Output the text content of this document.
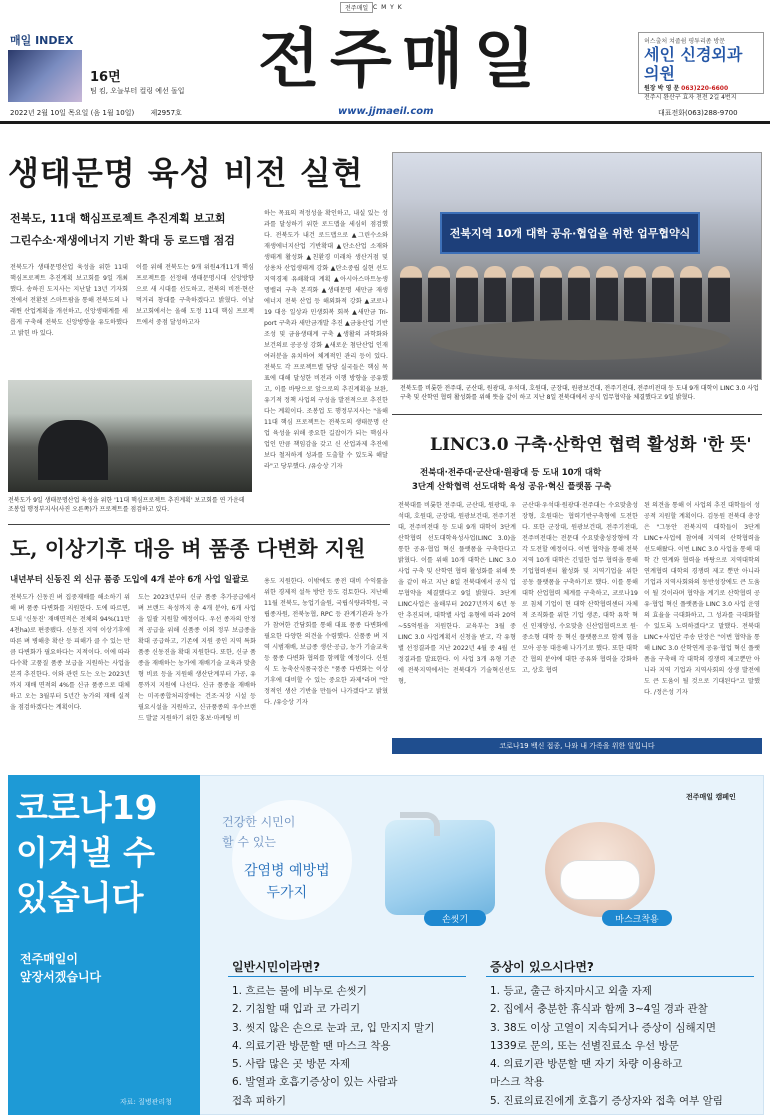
전주매일 C M Y K
매일 INDEX
16면
팀 킴, 오늘부터 컬링 예선 돌입 전주매일	허스출처 쳐줍쉼 평투리좀 방문
세인 신경외과 의원
원장 박 영 문 063)220-6600
전주시 완산구 효자 천전 2길 4번지
2022년 2월 10일 목요일 (음 1월 10일) 제2957호	www.jjmaeil.com	대표전화(063)288-9700
생태문명 육성 비전 실현
전북도, 11대 핵심프로젝트 추진계획 보고회
그린수소·재생에너지 기반 확대 등 로드맵 점검
전북도가 생태문명산업 육성을 위한 11대 핵심프로젝트 추진계획 보고회를 9일 개최했다. 송하진 도지사는 지난달 13년 기자회견에서 전환된 스마트팜을 통해 전북도의 나래뛴 산업계획을 개선하고, 신앙생태계를 새롭게 구축해 전북도 신앙방향을 유도하했다고 밝힌 바 있다.
이를 위해 전북도는 9개 위원4개11개 핵심 프로젝트를 선정해 생태문명시대 신앙방향으로 새 시대를 선도하고, 전북의 비전·현산 먹거리 창대를 구축하겠다고 밝혔다. 이날 보고회에서는 올해 도정 11대 핵심 프로젝트에서 중점 달성하고자
하는 목표의 적정성을 확인하고, 내실 있는 성과를 달성하기 위한 로드맵을 세심히 점검했다. 전북도가 내건 로드맵으로 ▲그린수소와 재생에너지산업 기반확대 ▲탄소산업 소재와 생태계 활성화 ▲친환경 미래차 생산거점 및 상용차 산업생태계 강화 ▲탄소중립 실현 선도 지역경제 유쇄확대 계획 ▲아시아스마트농생명밸리 구축 본격화 ▲생태문명 새만금 재생 에너지 전북 산업 등 해외화적 강화 ▲코로나19 대응 일상과 민생회복 회복 ▲새만금 Tri-port 구축과 새만금개발 추진 ▲금융산업 기반 조성 및 금융생태계 구축 ▲생활의 과학화와 보건의료 공공성 강화 ▲새로운 첨단산업 인재 여러분을 유치하여 체계적인 관리 등이 있다. 전북도 각 프로젝트별 담당 실국들은 핵심 목표에 대해 달성한 비전과 이행 방향을 공유했고, 이를 바탕으로 앞으로의 추진계획을 보완, 유기적 정책 사업의 구성을 발전적으로 추진한다는 계획이다. 조봉업 도 행정부지사는 "올해 11대 핵심 프로젝트는 전북도의 생태문명 산업 육성을 위해 중요한 길잡이가 되는 핵심사업인 만큼 책임감을 갖고 신 산업과제 추진에 보다 철저하게 성과를 도출할 수 있도록 해달라"고 당부했다. /유승상 기자
전북도가 9일 생태문명산업 육성을 위한 '11대 핵심프로젝트 추진계획' 보고회를 연 가운데 조봉업 행정부지사(사진 오른쪽)가 프로젝트를 점검하고 있다.
도, 이상기후 대응 벼 품종 다변화 지원
내년부터 신동진 외 신규 품종 도입에 4개 분야 6개 사업 일괄로
전북도가 신동진 벼 집중재배를 해소하기 위해 벼 품종 다변화를 지원한다. 도에 따르면, 도내 '신동진' 재배면적은 전체의 94%(11만4천ha)로 편중됐다. 신동진 지역 이상기후에 따른 벼 병해충 확산 등 피해가 클 수 있는 만큼 다변화가 필요하다는 지적이다. 이에 따라 다수확 고품질 품종 보급을 지원하는 사업을 본격 추진한다. 이와 관련 도는 오는 2023년까지 재배 면적의 4%를 신규 품종으로 대체하고 오는 3월부터 5년간 농가의 재배 실적을 점검하겠다는 계획이다.
도는 2023년부터 신규 품종 추가공급에서 벼 브랜드 육성까지 총 4개 분야, 6개 사업을 일괄 지원할 예정이다. 우선 종자의 안정적 공급을 위해 신품종 이외 정부 보급종을 확대 공급하고, 기존에 지원 중인 지역 특화품종 신동진을 확대 지원한다. 또한, 신규 품종을 재배하는 농가에 재배기술 교육과 맞춤형 비료 등을 지원해 생산단계부터 가공, 유통까지 지원에 나선다. 신규 품종을 재배하는 미곡종합처리장에는 건조·저장 시설 등 필요시설을 지원하고, 신규품종의 우수브랜드 발굴 지원하기 위한 홍보·마케팅 비
용도 지원한다. 이밖에도 종전 대비 수익률을 위한 경제적 설득 방안 등도 검토한다. 지난해 11월 전북도, 농업기술원, 국립식량과학원, 국립종자원, 전북농협, RPC 등 관계기관과 농가가 참여한 간담회를 통해 대표 품종 다변화에 필요한 다양한 의견을 수렴했다. 신품종 벼 지역 시범재배, 보급종 생산·공급, 농가 기술교육 등 품종 다변화 협의를 함께할 예정이다. 신원식 도 농축산식품국장은 "품종 다변화는 이상기후에 대비할 수 있는 중요한 과제"라며 "안정적인 생산 기반을 만들어 나가겠다"고 밝혔다. /유승상 기자
전북지역 10개 대학 공유·협업을 위한 업무협약식
전북도를 비롯한 전주대, 군산대, 원광대, 우석대, 호원대, 군장대, 원광보건대, 전주기전대, 전주비전대 등 도내 9개 대학이 LINC 3.0 사업 구축 및 산학연 협력 활성화를 위해 뜻을 같이 하고 지난 8일 전북대에서 공식 업무협약을 체결했다고 9일 밝혔다.
LINC3.0 구축·산학연 협력 활성화 '한 뜻'
전북대·전주대·군산대·원광대 등 도내 10개 대학
3단계 산학협력 선도대학 육성 공유·혁신 플랫폼 구축
전북대를 비롯한 전주대, 군산대, 원광대, 우석대, 호원대, 군장대, 원광보건대, 전주기전대, 전주비전대 등 도내 9개 대학이 3단계 산학협력 선도대학육성사업(LINC 3.0)을 통한 공유·협업 혁신 플랫폼을 구축한다고 밝혔다. 이를 위해 10개 대학은 LINC 3.0 사업 구축 및 산학연 협력 활성화를 위해 뜻을 같이 하고 지난 8일 전북대에서 공식 업무협약을 체결했다고 9일 밝혔다. 3단계 LINC사업은 올해부터 2027년까지 6년 동안 추진되며, 대학별 사업 유형에 따라 20억~55억원을 지원한다. 교육부는 3월 중 LINC 3.0 사업계획서 신청을 받고, 각 유형별 선정결과를 지난 2022년 4월 중 4월 선정결과를 발표한다. 이 사업 3개 유형 기준에 전북지역에서는 전북대가 기술혁신선도형,
군산대·우석대·원광대·전주대는 수요맞춤성장형, 호원대는 협력기반구축형에 도전한다. 또한 군장대, 원광보건대, 전주기전대, 전주비전대는 전문대 수요맞춤성장형에 각각 도전할 예정이다. 이번 협약을 통해 전북지역 10개 대학은 긴밀한 업무 협력을 통해 기업협력센터 활성화 및 지역기업을 위한 공동 플랫폼을 구축하기로 했다. 이를 통해 대학 산업협력 체계를 구축하고, 코로나19로 침체 기업이 현 대학 산학협력센터 자체적 조직화를 위한 기업 생존, 대학 유학 혁신 인재양성, 수요맞춤 신산업협력으로 원·중소형 대학 등 혁신 플랫폼으로 함께 힘을 모아 공동 대응해 나가기로 했다. 또한 대학 간 협의 분야에 대한 공유와 협력을 강화하고, 상호 협력
된 의견을 통해 이 사업의 추진 대학들이 성공적 지원할 계획이다. 김동원 전북대 총장은 "그동안 전북지역 대학들이 3단계 LINC+사업에 참여해 지역의 산학협력을 선도해왔다. 이번 LINC 3.0 사업을 통해 대학 간 연계와 협력을 바탕으로 지역대학의 연계협력 대학의 경쟁력 제고 뿐만 아니라 기업과 지역사회와의 동반성장에도 큰 도움이 될 것이라며 협약을 계기로 산학협력 공유·협업 혁신 플랫폼을 LINC 3.0 사업 운영의 효율을 극대화하고, 그 성과를 극대화할 수 있도록 노력하겠다"고 말했다. 전북대 LINC+사업단 주송 단장은 "이번 협약을 통해 LINC 3.0 산학연계 공유·협업 혁신 플랫폼을 구축해 각 대학의 경쟁력 제고뿐만 아니라 지역 기업과 지역사회의 상생 발전에도 큰 도움이 될 것으로 기대된다"고 말했다. /정은성 기자
코로나19 백신 접종, 나와 내 가족을 위한 일입니다
코로나19
이겨낼 수
있습니다
전주매일이
앞장서겠습니다
자료: 질병관리청
전주매일 캠페인
건강한 시민이
할 수 있는
감염병 예방법
두가지
손씻기	마스크착용
일반시민이라면?
1. 흐르는 물에 비누로 손씻기
2. 기침할 때 입과 코 가리기
3. 씻지 않은 손으로 눈과 코, 입 만지지 말기
4. 의료기관 방문할 땐 마스크 착용
5. 사람 많은 곳 방문 자제
6. 발열과 호흡기증상이 있는 사람과
접촉 피하기
증상이 있으시다면?
1. 등교, 출근 하지마시고 외출 자제
2. 집에서 충분한 휴식과 함께 3~4일 경과 관찰
3. 38도 이상 고열이 지속되거나 증상이 심해지면
1339로 문의, 또는 선별진료소 우선 방문
4. 의료기관 방문할 땐 자기 차량 이용하고
마스크 착용
5. 진료의료진에게 호흡기 증상자와 접촉 여부 알림
